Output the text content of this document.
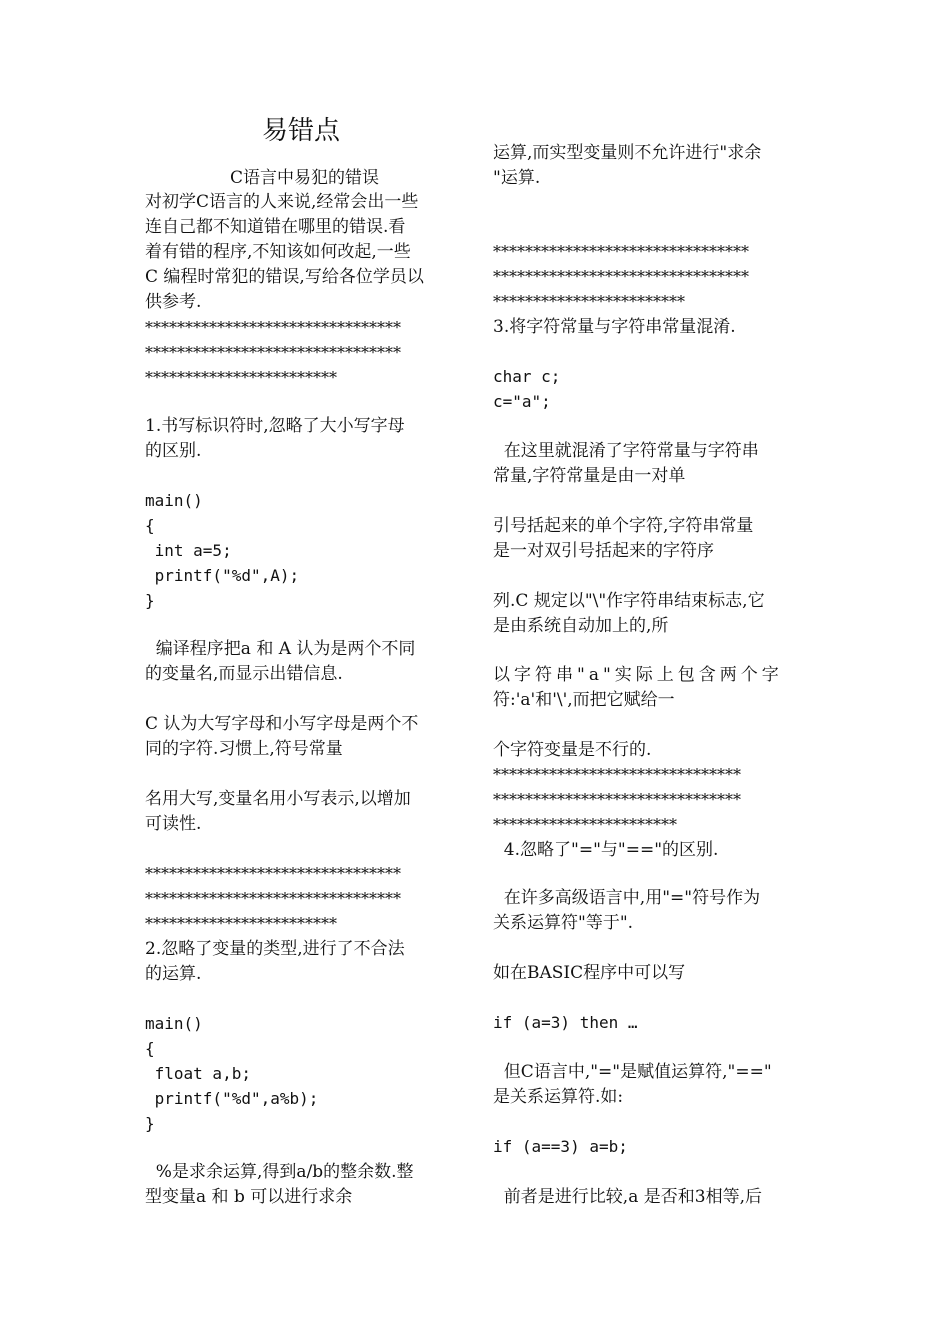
易错点
C语言中易犯的错误
对初学C语言的人来说,经常会出一些
连自己都不知道错在哪里的错误.看
着有错的程序,不知该如何改起,一些
C 编程时常犯的错误,写给各位学员以
供参考.
********************************
********************************
************************
1.书写标识符时,忽略了大小写字母
的区别.
main()
{
int a=5;
printf("%d",A);
}
编译程序把a 和 A 认为是两个不同
的变量名,而显示出错信息.
C 认为大写字母和小写字母是两个不
同的字符.习惯上,符号常量
名用大写,变量名用小写表示,以增加
可读性.
********************************
********************************
************************
2.忽略了变量的类型,进行了不合法
的运算.
main()
{
float a,b;
printf("%d",a%b);
}
%是求余运算,得到a/b的整余数.整
型变量a 和 b 可以进行求余
运算,而实型变量则不允许进行"求余
"运算.
********************************
********************************
************************
3.将字符常量与字符串常量混淆.
char c;
c="a";
在这里就混淆了字符常量与字符串
常量,字符常量是由一对单
引号括起来的单个字符,字符串常量
是一对双引号括起来的字符序
列.C 规定以"\"作字符串结束标志,它
是由系统自动加上的,所
以字符串"a"实际上包含两个字
符:'a'和'\',而把它赋给一
个字符变量是不行的.
*******************************
*******************************
***********************
4.忽略了"="与"=="的区别.
在许多高级语言中,用"="符号作为
关系运算符"等于".
如在BASIC程序中可以写
if (a=3) then …
但C语言中,"="是赋值运算符,"=="
是关系运算符.如:
if (a==3) a=b;
前者是进行比较,a 是否和3相等,后
